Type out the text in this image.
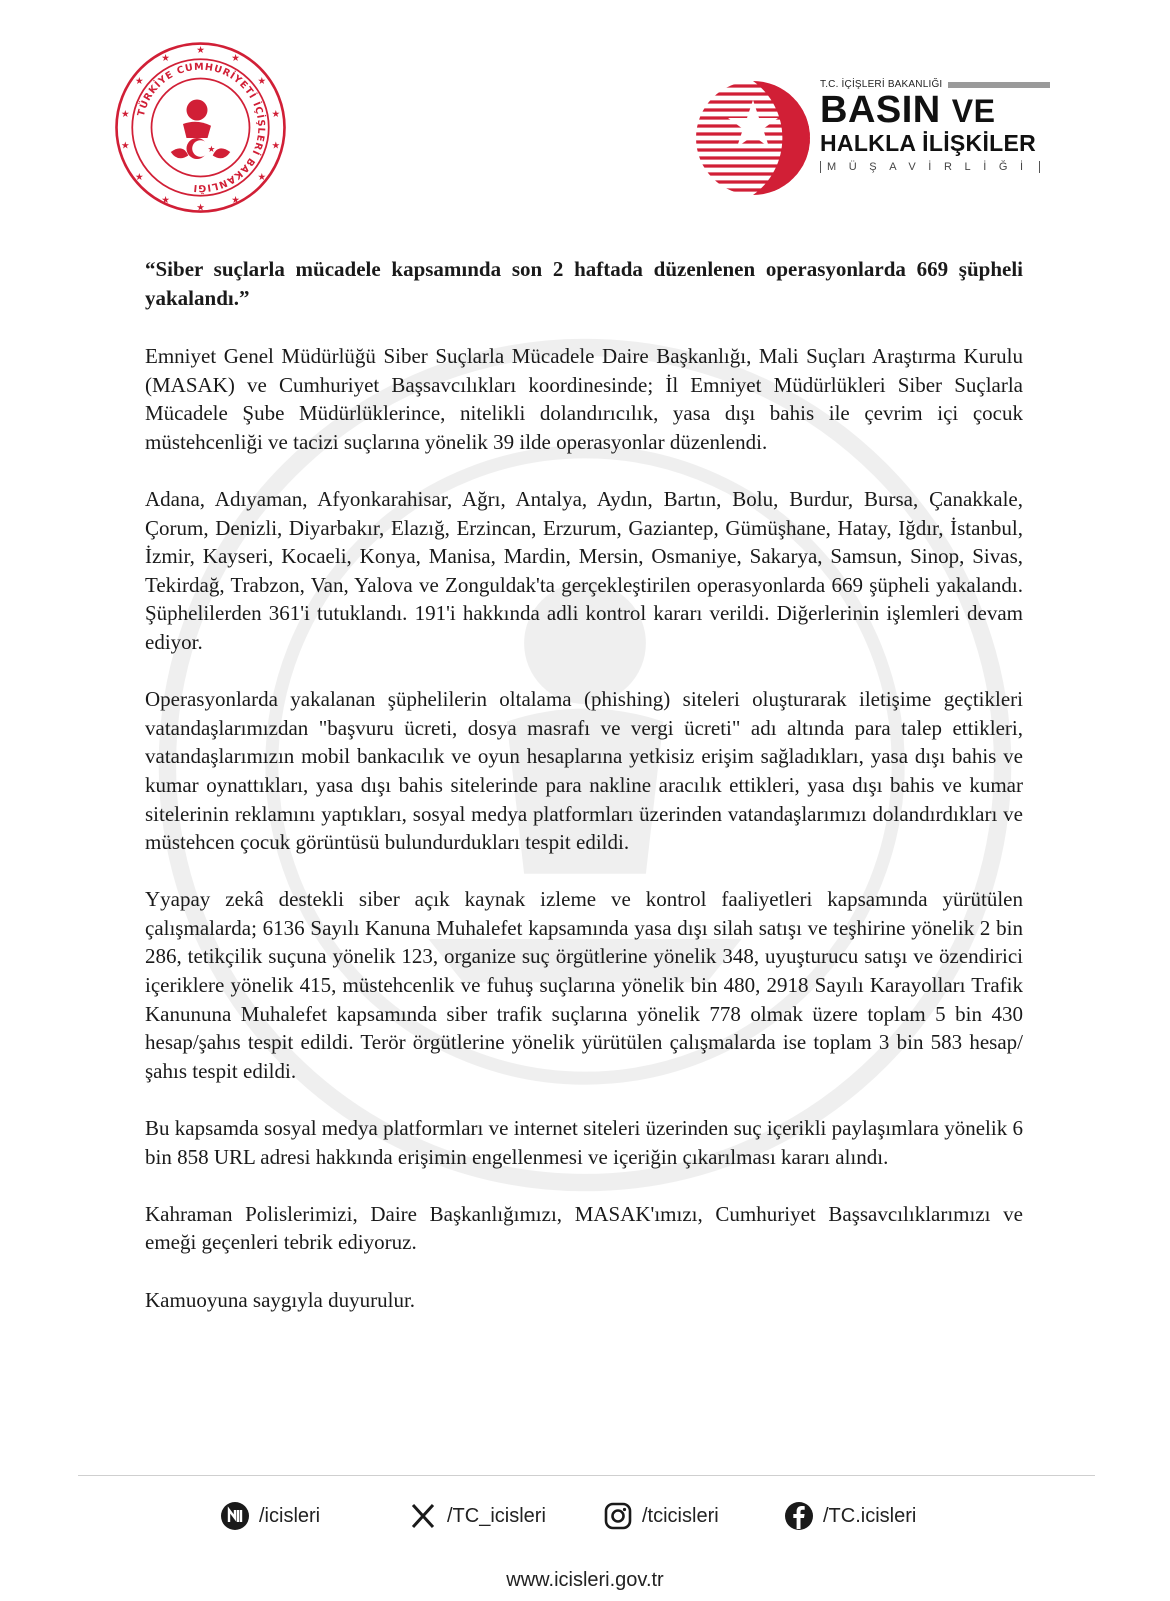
★
★	★
★	★
★	★
★	★
★	★
★	★
★
TÜRKİYE CUMHURİYETİ İÇİŞLERİ BAKANLIĞI
★
T.C. İÇİŞLERİ BAKANLIĞI
BASIN VE
HALKLA İLİŞKİLER
MÜŞAVİRLİĞİ

“Siber suçlarla mücadele kapsamında son 2 haftada düzenlenen operasyonlarda 669 şüpheli yakalandı.”

Emniyet Genel Müdürlüğü Siber Suçlarla Mücadele Daire Başkanlığı, Mali Suçları Araştırma Kurulu (MASAK) ve Cumhuriyet Başsavcılıkları koordinesinde; İl Emniyet Müdürlükleri Siber Suçlarla Mücadele Şube Müdürlüklerince, nitelikli dolandırıcılık, yasa dışı bahis ile çevrim içi çocuk müstehcenliği ve tacizi suçlarına yönelik 39 ilde operasyonlar düzenlendi.

Adana, Adıyaman, Afyonkarahisar, Ağrı, Antalya, Aydın, Bartın, Bolu, Burdur, Bursa, Çanakkale, Çorum, Denizli, Diyarbakır, Elazığ, Erzincan, Erzurum, Gaziantep, Gümüşhane, Hatay, Iğdır, İstanbul, İzmir, Kayseri, Kocaeli, Konya, Manisa, Mardin, Mersin, Osmaniye, Sakarya, Samsun, Sinop, Sivas, Tekirdağ, Trabzon, Van, Yalova ve Zonguldak'ta gerçekleştirilen operasyonlarda 669 şüpheli yakalandı. Şüphelilerden 361'i tutuklandı. 191'i hakkında adli kontrol kararı verildi. Diğerlerinin işlemleri devam ediyor.

Operasyonlarda yakalanan şüphelilerin oltalama (phishing) siteleri oluşturarak iletişime geçtikleri vatandaşlarımızdan "başvuru ücreti, dosya masrafı ve vergi ücreti" adı altında para talep ettikleri, vatandaşlarımızın mobil bankacılık ve oyun hesaplarına yetkisiz erişim sağladıkları, yasa dışı bahis ve kumar oynattıkları, yasa dışı bahis sitelerinde para nakline aracılık ettikleri, yasa dışı bahis ve kumar sitelerinin reklamını yaptıkları, sosyal medya platformları üzerinden vatandaşlarımızı dolandırdıkları ve müstehcen çocuk görüntüsü bulundurdukları tespit edildi.

Yyapay zekâ destekli siber açık kaynak izleme ve kontrol faaliyetleri kapsamında yürütülen çalışmalarda; 6136 Sayılı Kanuna Muhalefet kapsamında yasa dışı silah satışı ve teşhirine yönelik 2 bin 286, tetikçilik suçuna yönelik 123, organize suç örgütlerine yönelik 348, uyuşturucu satışı ve özendirici içeriklere yönelik 415, müstehcenlik ve fuhuş suçlarına yönelik bin 480, 2918 Sayılı Karayolları Trafik Kanununa Muhalefet kapsamında siber trafik suçlarına yönelik 778 olmak üzere toplam 5 bin 430 hesap/şahıs tespit edildi. Terör örgütlerine yönelik yürütülen çalışmalarda ise toplam 3 bin 583 hesap/şahıs tespit edildi.

Bu kapsamda sosyal medya platformları ve internet siteleri üzerinden suç içerikli paylaşımlara yönelik 6 bin 858 URL adresi hakkında erişimin engellenmesi ve içeriğin çıkarılması kararı alındı.

Kahraman Polislerimizi, Daire Başkanlığımızı, MASAK'ımızı, Cumhuriyet Başsavcılıklarımızı ve emeği geçenleri tebrik ediyoruz.

Kamuoyuna saygıyla duyurulur.

/icisleri	/TC_icisleri	/tcicisleri	/TC.icisleri
www.icisleri.gov.tr
